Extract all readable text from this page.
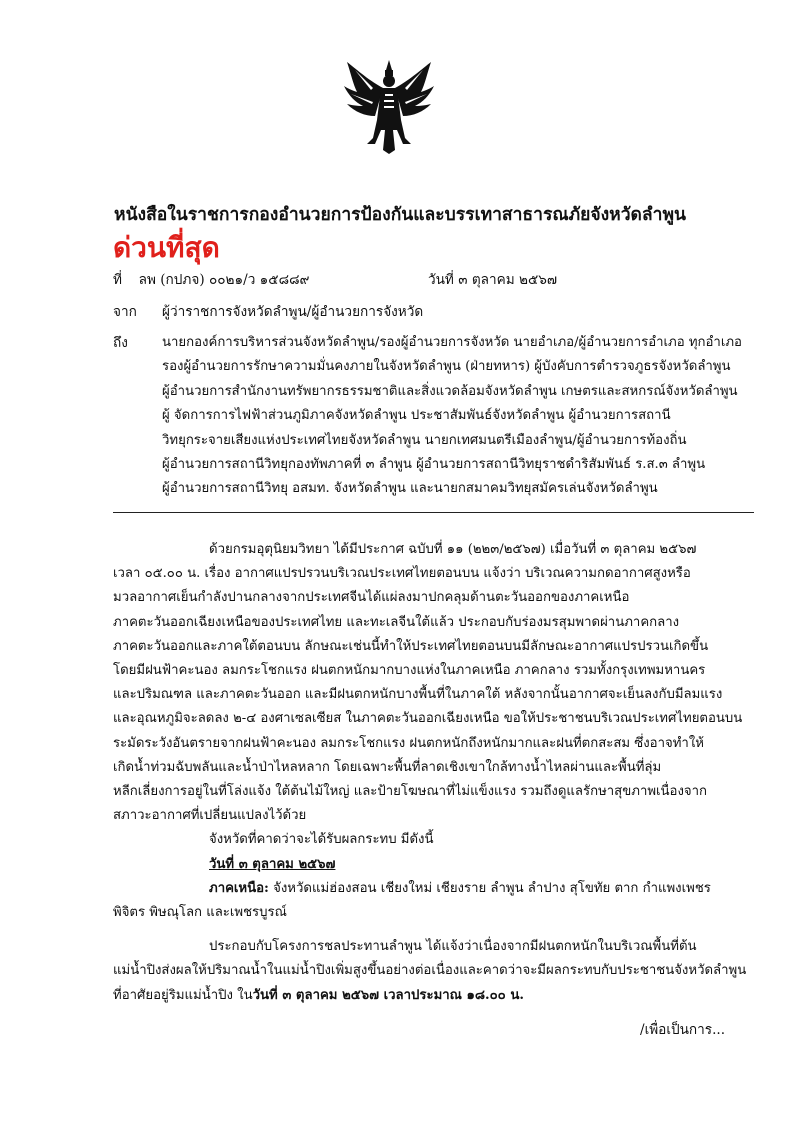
หนังสือในราชการกองอำนวยการป้องกันและบรรเทาสาธารณภัยจังหวัดลำพูน
ด่วนที่สุด
ที่ ลพ (กปภจ) ๐๐๒๑/ว ๑๕๘๘๙	วันที่ ๓ ตุลาคม ๒๕๖๗
จาก ผู้ว่าราชการจังหวัดลำพูน/ผู้อำนวยการจังหวัด
ถึง	นายกองค์การบริหารส่วนจังหวัดลำพูน/รองผู้อำนวยการจังหวัด นายอำเภอ/ผู้อำนวยการอำเภอ ทุกอำเภอ
รองผู้อำนวยการรักษาความมั่นคงภายในจังหวัดลำพูน (ฝ่ายทหาร) ผู้บังคับการตำรวจภูธรจังหวัดลำพูน
ผู้อำนวยการสำนักงานทรัพยากรธรรมชาติและสิ่งแวดล้อมจังหวัดลำพูน เกษตรและสหกรณ์จังหวัดลำพูน
ผู้ จัดการการไฟฟ้าส่วนภูมิภาคจังหวัดลำพูน ประชาสัมพันธ์จังหวัดลำพูน ผู้อำนวยการสถานี
วิทยุกระจายเสียงแห่งประเทศไทยจังหวัดลำพูน นายกเทศมนตรีเมืองลำพูน/ผู้อำนวยการท้องถิ่น
ผู้อำนวยการสถานีวิทยุกองทัพภาคที่ ๓ ลำพูน ผู้อำนวยการสถานีวิทยุราชดำริสัมพันธ์ ร.ส.๓ ลำพูน
ผู้อำนวยการสถานีวิทยุ อสมท. จังหวัดลำพูน และนายกสมาคมวิทยุสมัครเล่นจังหวัดลำพูน
ด้วยกรมอุตุนิยมวิทยา ได้มีประกาศ ฉบับที่ ๑๑ (๒๒๓/๒๕๖๗) เมื่อวันที่ ๓ ตุลาคม ๒๕๖๗
เวลา ๐๕.๐๐ น. เรื่อง อากาศแปรปรวนบริเวณประเทศไทยตอนบน แจ้งว่า บริเวณความกดอากาศสูงหรือ
มวลอากาศเย็นกำลังปานกลางจากประเทศจีนได้แผ่ลงมาปกคลุมด้านตะวันออกของภาคเหนือ
ภาคตะวันออกเฉียงเหนือของประเทศไทย และทะเลจีนใต้แล้ว ประกอบกับร่องมรสุมพาดผ่านภาคกลาง
ภาคตะวันออกและภาคใต้ตอนบน ลักษณะเช่นนี้ทำให้ประเทศไทยตอนบนมีลักษณะอากาศแปรปรวนเกิดขึ้น
โดยมีฝนฟ้าคะนอง ลมกระโชกแรง ฝนตกหนักมากบางแห่งในภาคเหนือ ภาคกลาง รวมทั้งกรุงเทพมหานคร
และปริมณฑล และภาคตะวันออก และมีฝนตกหนักบางพื้นที่ในภาคใต้ หลังจากนั้นอากาศจะเย็นลงกับมีลมแรง
และอุณหภูมิจะลดลง ๒-๔ องศาเซลเซียส ในภาคตะวันออกเฉียงเหนือ ขอให้ประชาชนบริเวณประเทศไทยตอนบน
ระมัดระวังอันตรายจากฝนฟ้าคะนอง ลมกระโชกแรง ฝนตกหนักถึงหนักมากและฝนที่ตกสะสม ซึ่งอาจทำให้
เกิดน้ำท่วมฉับพลันและน้ำป่าไหลหลาก โดยเฉพาะพื้นที่ลาดเชิงเขาใกล้ทางน้ำไหลผ่านและพื้นที่ลุ่ม
หลีกเลี่ยงการอยู่ในที่โล่งแจ้ง ใต้ต้นไม้ใหญ่ และป้ายโฆษณาที่ไม่แข็งแรง รวมถึงดูแลรักษาสุขภาพเนื่องจาก
สภาวะอากาศที่เปลี่ยนแปลงไว้ด้วย
จังหวัดที่คาดว่าจะได้รับผลกระทบ มีดังนี้
วันที่ ๓ ตุลาคม ๒๕๖๗
ภาคเหนือ: จังหวัดแม่ฮ่องสอน เชียงใหม่ เชียงราย ลำพูน ลำปาง สุโขทัย ตาก กำแพงเพชร
พิจิตร พิษณุโลก และเพชรบูรณ์
ประกอบกับโครงการชลประทานลำพูน ได้แจ้งว่าเนื่องจากมีฝนตกหนักในบริเวณพื้นที่ต้น
แม่น้ำปิงส่งผลให้ปริมาณน้ำในแม่น้ำปิงเพิ่มสูงขึ้นอย่างต่อเนื่องและคาดว่าจะมีผลกระทบกับประชาชนจังหวัดลำพูน
ที่อาศัยอยู่ริมแม่น้ำปิง ในวันที่ ๓ ตุลาคม ๒๕๖๗ เวลาประมาณ ๑๘.๐๐ น.
/เพื่อเป็นการ...
